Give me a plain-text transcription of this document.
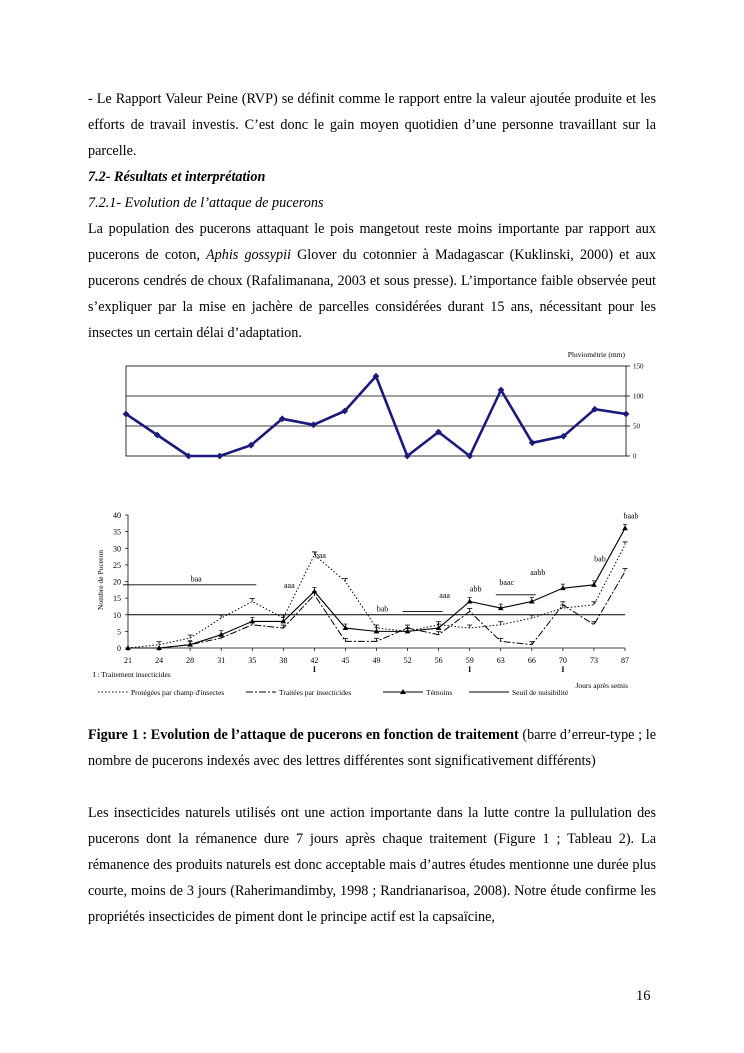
- Le Rapport Valeur Peine (RVP) se définit comme le rapport entre la valeur ajoutée produite et les efforts de travail investis. C’est donc le gain moyen quotidien d’une personne travaillant sur la parcelle.
7.2- Résultats et interprétation
7.2.1- Evolution de l’attaque de pucerons
La population des pucerons attaquant le pois mangetout reste moins importante par rapport aux pucerons de coton, Aphis gossypii Glover du cotonnier à Madagascar (Kuklinski, 2000) et aux pucerons cendrés de choux (Rafalimanana, 2003 et sous presse). L’importance faible observée peut s’expliquer par la mise en jachère de parcelles considérées durant 15 ans, nécessitant pour les insectes un certain délai d’adaptation.
Pluviométrie (mm)
0
50
100
150
Nombre de Puceron
0
5
10
15
20
25
30
35
40
21	24	28	31	35	38	42	45	49	52	56	59	63	66	70	73	87
baa
aaa
baa
bab
aaa
abb
baac
aabb
bab
baab
I	I	I
Jours après semis
I : Traitement insecticides
Protégées par champ d'insectes	Traitées par insecticides	Témoins	Seuil de nuisibilité
Figure 1 : Evolution de l’attaque de pucerons en fonction de traitement (barre d’erreur-type ; le nombre de pucerons indexés avec des lettres différentes sont significativement différents)
Les insecticides naturels utilisés ont une action importante dans la lutte contre la pullulation des pucerons dont la rémanence dure 7 jours après chaque traitement (Figure 1 ; Tableau 2). La rémanence des produits naturels est donc acceptable mais d’autres études mentionne une durée plus courte, moins de 3 jours (Raherimandimby, 1998 ; Randrianarisoa, 2008). Notre étude confirme les propriétés insecticides de piment dont le principe actif est la capsaïcine,
16
